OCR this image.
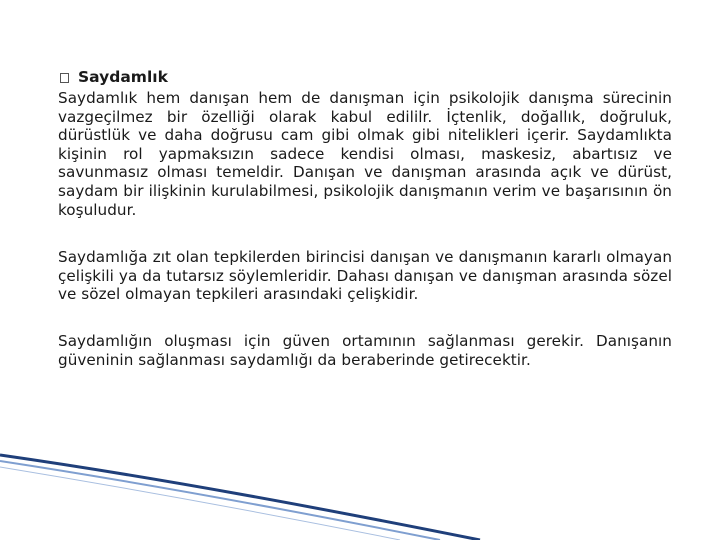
Saydamlık

Saydamlık hem danışan hem de danışman için psikolojik danışma sürecinin vazgeçilmez bir özelliği olarak kabul edililr. İçtenlik, doğallık, doğruluk, dürüstlük ve daha doğrusu cam gibi olmak gibi nitelikleri içerir. Saydamlıkta kişinin rol yapmaksızın sadece kendisi olması, maskesiz, abartısız ve savunmasız olması temeldir. Danışan ve danışman arasında açık ve dürüst, saydam bir ilişkinin kurulabilmesi, psikolojik danışmanın verim ve başarısının ön koşuludur.

Saydamlığa zıt olan tepkilerden birincisi danışan ve danışmanın kararlı olmayan çelişkili ya da tutarsız söylemleridir. Dahası danışan ve danışman arasında sözel ve sözel olmayan tepkileri arasındaki çelişkidir.

Saydamlığın oluşması için güven ortamının sağlanması gerekir. Danışanın güveninin sağlanması saydamlığı da beraberinde getirecektir.
